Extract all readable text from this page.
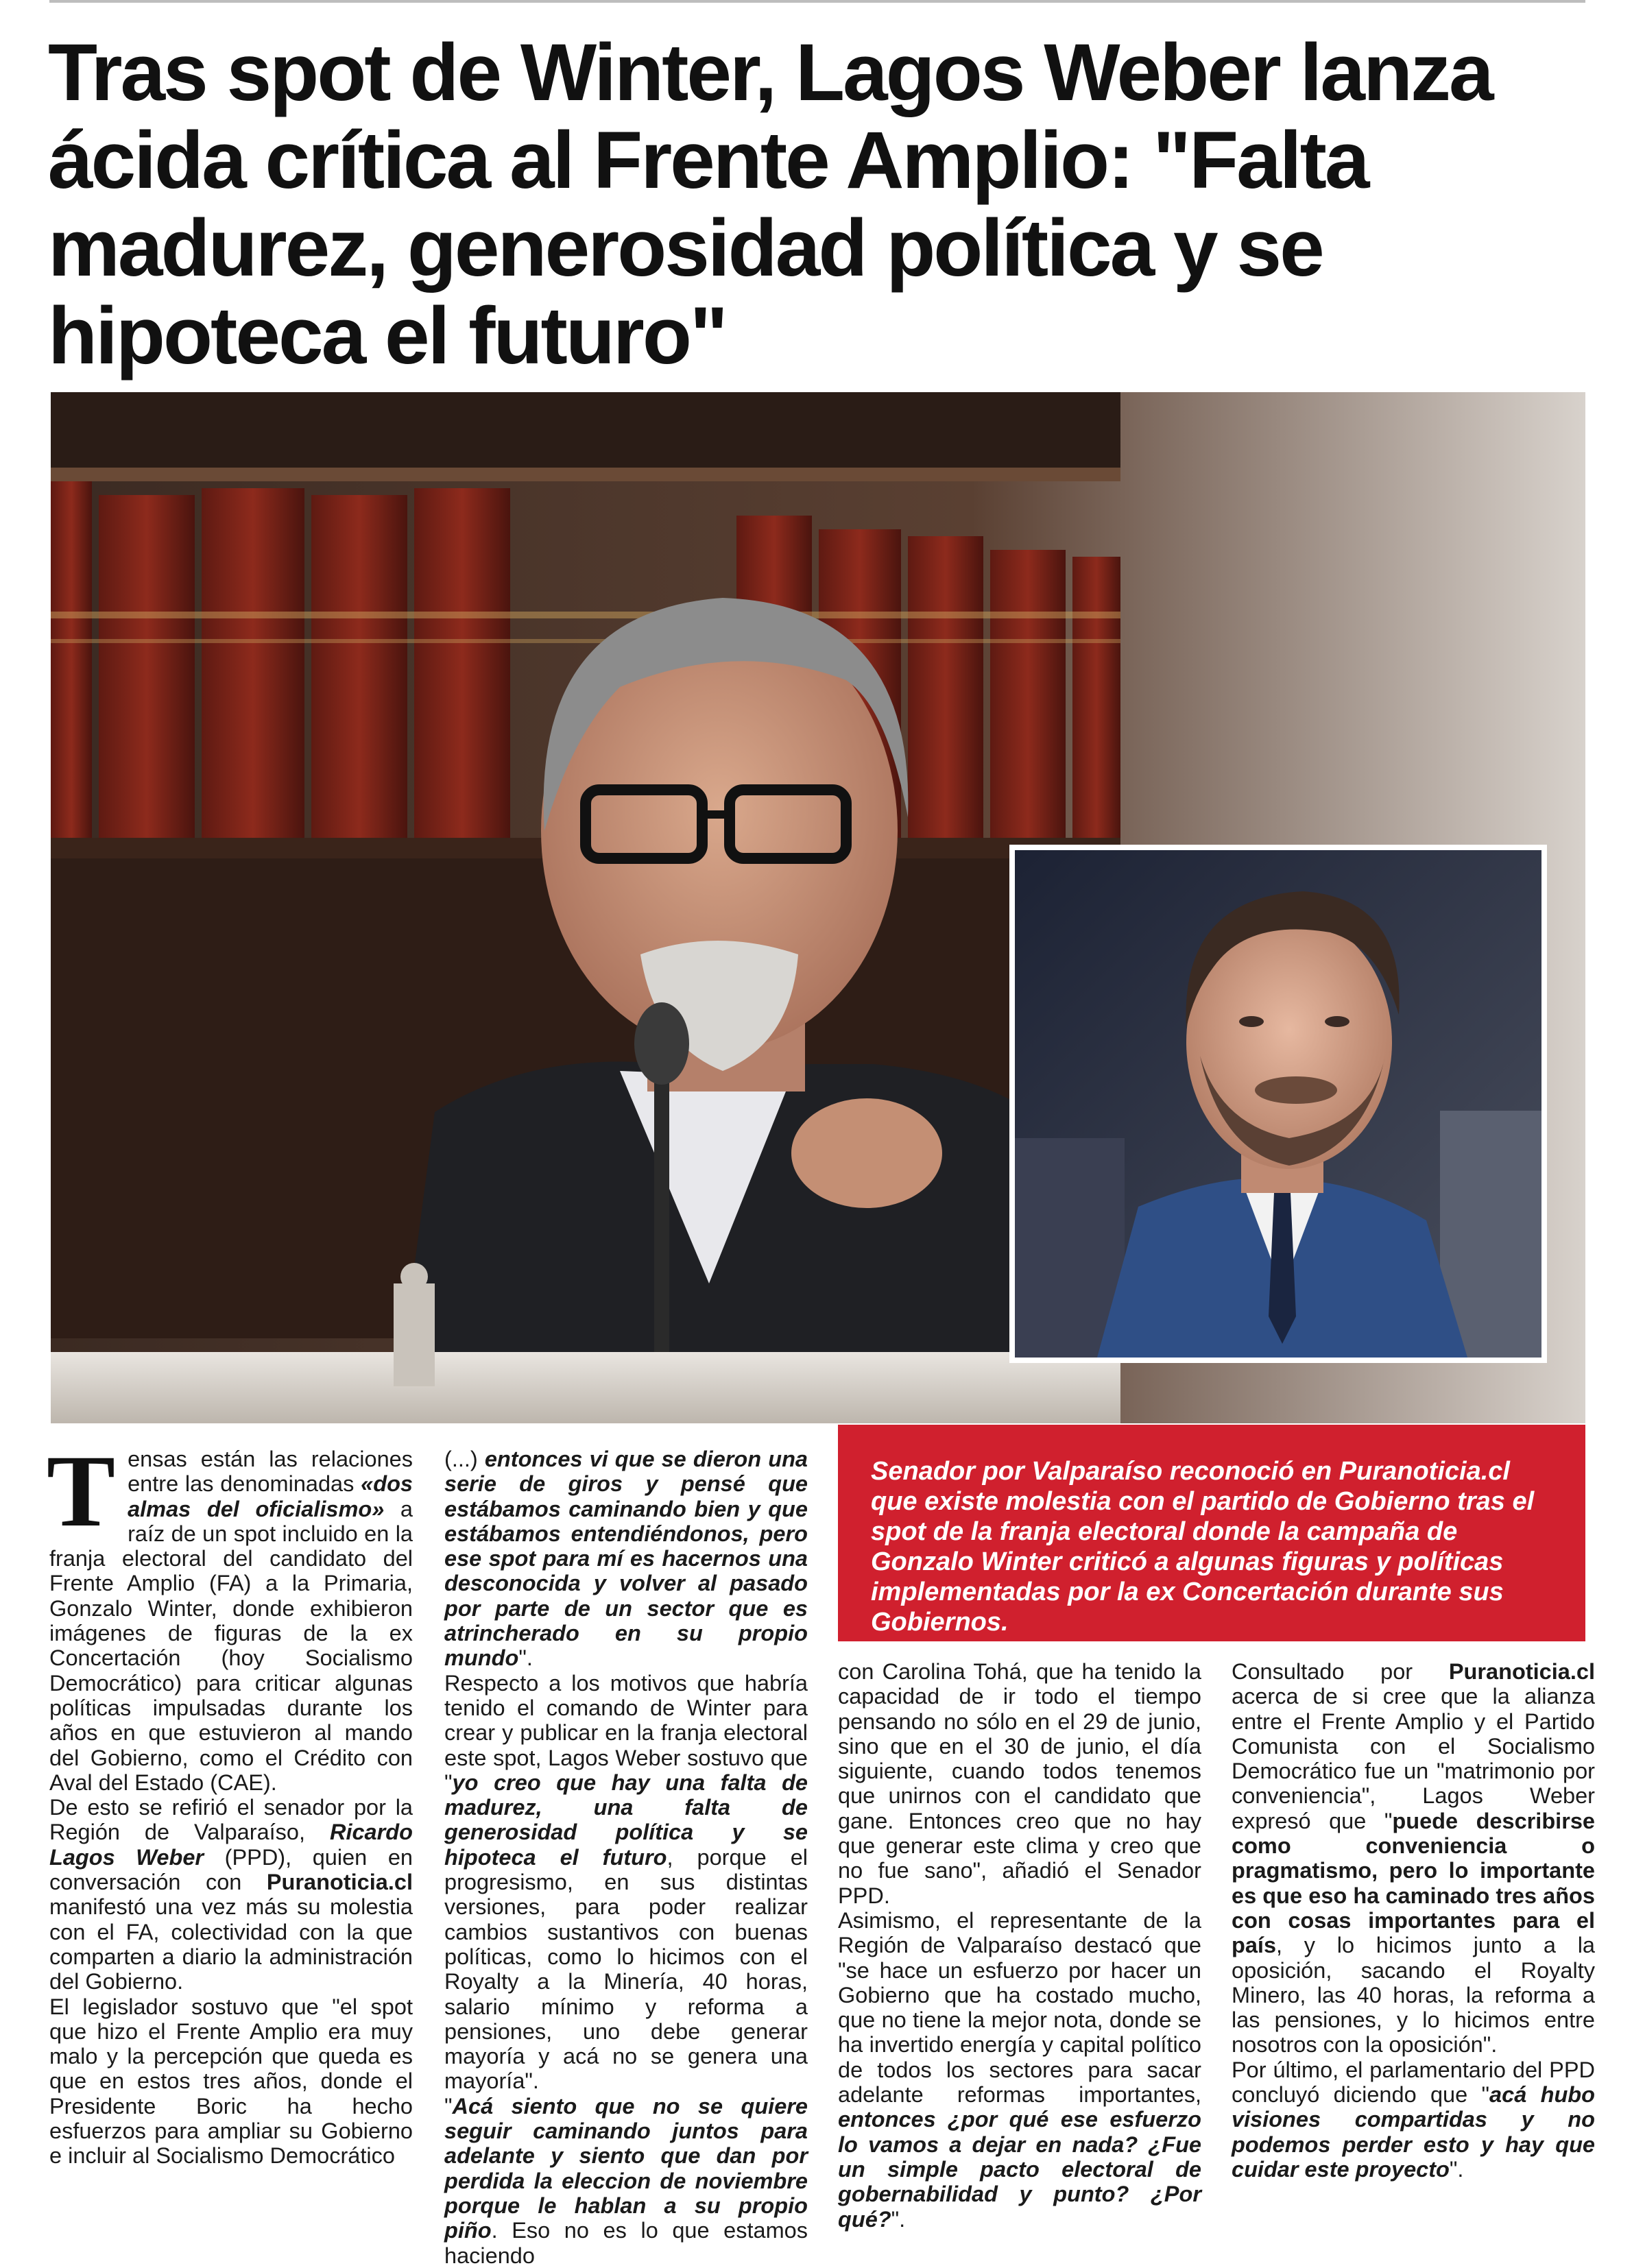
Tras spot de Winter, Lagos Weber lanza ácida crítica al Frente Amplio: "Falta madurez, generosidad política y se hipoteca el futuro"

Senador por Valparaíso reconoció en Puranoticia.cl que existe molestia con el partido de Gobierno tras el spot de la franja electoral donde la campaña de Gonzalo Winter criticó a algunas figuras y políticas implementadas por la ex Concertación durante sus Gobiernos.

T ensas están las relaciones entre las denominadas «dos almas del oficialismo» a raíz de un spot incluido en la franja electoral del candidato del Frente Amplio (FA) a la Primaria, Gonzalo Winter, donde exhibieron imágenes de figuras de la ex Concertación (hoy Socialismo Democrático) para criticar algunas políticas impulsadas durante los años en que estuvieron al mando del Gobierno, como el Crédito con Aval del Estado (CAE).

De esto se refirió el senador por la Región de Valparaíso, Ricardo Lagos Weber (PPD), quien en conversación con Puranoticia.cl manifestó una vez más su molestia con el FA, colectividad con la que comparten a diario la administración del Gobierno.

El legislador sostuvo que "el spot que hizo el Frente Amplio era muy malo y la percepción que queda es que en estos tres años, donde el Presidente Boric ha hecho esfuerzos para ampliar su Gobierno e incluir al Socialismo Democrático

(...) entonces vi que se dieron una serie de giros y pensé que estábamos caminando bien y que estábamos entendiéndonos, pero ese spot para mí es hacernos una desconocida y volver al pasado por parte de un sector que es atrincherado en su propio mundo".

Respecto a los motivos que habría tenido el comando de Winter para crear y publicar en la franja electoral este spot, Lagos Weber sostuvo que "yo creo que hay una falta de madurez, una falta de generosidad política y se hipoteca el futuro, porque el progresismo, en sus distintas versiones, para poder realizar cambios sustantivos con buenas políticas, como lo hicimos con el Royalty a la Minería, 40 horas, salario mínimo y reforma a pensiones, uno debe generar mayoría y acá no se genera una mayoría".

"Acá siento que no se quiere seguir caminando juntos para adelante y siento que dan por perdida la eleccion de noviembre porque le hablan a su propio piño. Eso no es lo que estamos haciendo

con Carolina Tohá, que ha tenido la capacidad de ir todo el tiempo pensando no sólo en el 29 de junio, sino que en el 30 de junio, el día siguiente, cuando todos tenemos que unirnos con el candidato que gane. Entonces creo que no hay que generar este clima y creo que no fue sano", añadió el Senador PPD.

Asimismo, el representante de la Región de Valparaíso destacó que "se hace un esfuerzo por hacer un Gobierno que ha costado mucho, que no tiene la mejor nota, donde se ha invertido energía y capital político de todos los sectores para sacar adelante reformas importantes, entonces ¿por qué ese esfuerzo lo vamos a dejar en nada? ¿Fue un simple pacto electoral de gobernabilidad y punto? ¿Por qué?".

Consultado por Puranoticia.cl acerca de si cree que la alianza entre el Frente Amplio y el Partido Comunista con el Socialismo Democrático fue un "matrimonio por conveniencia", Lagos Weber expresó que "puede describirse como conveniencia o pragmatismo, pero lo importante es que eso ha caminado tres años con cosas importantes para el país, y lo hicimos junto a la oposición, sacando el Royalty Minero, las 40 horas, la reforma a las pensiones, y lo hicimos entre nosotros con la oposición".

Por último, el parlamentario del PPD concluyó diciendo que "acá hubo visiones compartidas y no podemos perder esto y hay que cuidar este proyecto".
